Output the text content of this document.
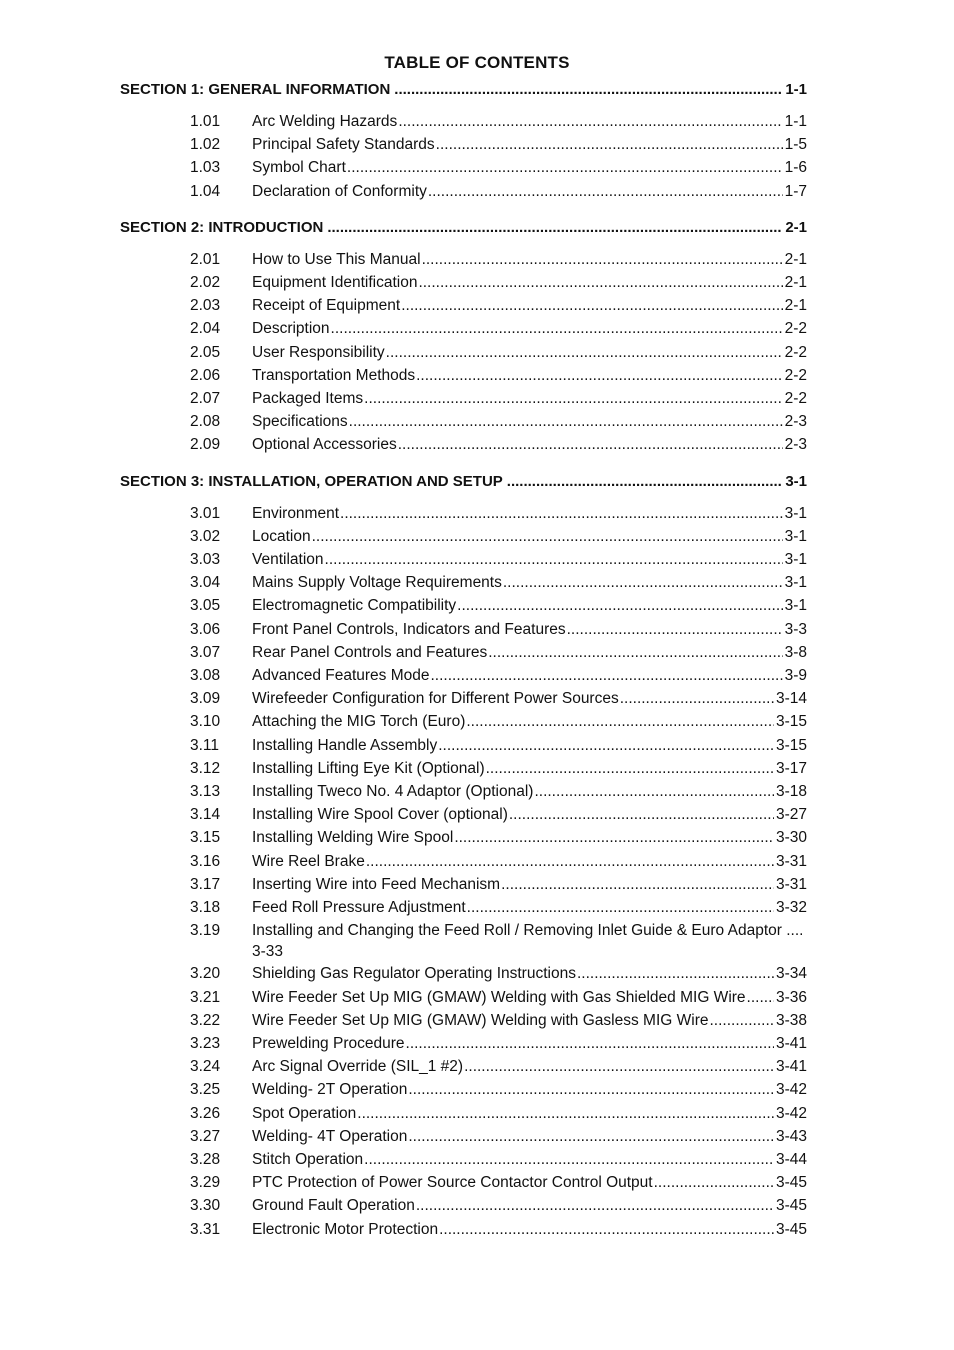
TABLE OF CONTENTS
SECTION 1: GENERAL INFORMATION .....	1-1
1.01	Arc Welding Hazards .....	1-1
1.02	Principal Safety Standards .....	1-5
1.03	Symbol Chart .....	1-6
1.04	Declaration of Conformity .....	1-7
SECTION 2: INTRODUCTION .....	2-1
2.01	How to Use This Manual .....	2-1
2.02	Equipment Identification .....	2-1
2.03	Receipt of Equipment .....	2-1
2.04	Description .....	2-2
2.05	User Responsibility .....	2-2
2.06	Transportation Methods .....	2-2
2.07	Packaged Items .....	2-2
2.08	Specifications .....	2-3
2.09	Optional Accessories .....	2-3
SECTION 3: INSTALLATION, OPERATION AND SETUP .....	3-1
3.01	Environment .....	3-1
3.02	Location .....	3-1
3.03	Ventilation .....	3-1
3.04	Mains Supply Voltage Requirements .....	3-1
3.05	Electromagnetic Compatibility .....	3-1
3.06	Front Panel Controls, Indicators and Features .....	3-3
3.07	Rear Panel Controls and Features .....	3-8
3.08	Advanced Features Mode .....	3-9
3.09	Wirefeeder Configuration for Different Power Sources .....	3-14
3.10	Attaching the MIG Torch (Euro) .....	3-15
3.11	Installing Handle Assembly .....	3-15
3.12	Installing Lifting Eye Kit (Optional) .....	3-17
3.13	Installing Tweco No. 4 Adaptor (Optional) .....	3-18
3.14	Installing Wire Spool Cover (optional) .....	3-27
3.15	Installing Welding Wire Spool .....	3-30
3.16	Wire Reel Brake .....	3-31
3.17	Inserting Wire into Feed Mechanism .....	3-31
3.18	Feed Roll Pressure Adjustment .....	3-32
3.19	Installing and Changing the Feed Roll / Removing Inlet Guide & Euro Adaptor .... 3-33
3.20	Shielding Gas Regulator Operating Instructions .....	3-34
3.21	Wire Feeder Set Up MIG (GMAW) Welding with Gas Shielded MIG Wire ..... 3-36
3.22	Wire Feeder Set Up MIG (GMAW) Welding with Gasless MIG Wire .....	3-38
3.23	Prewelding Procedure .....	3-41
3.24	Arc Signal Override (SIL_1 #2) .....	3-41
3.25	Welding- 2T Operation .....	3-42
3.26	Spot Operation .....	3-42
3.27	Welding- 4T Operation .....	3-43
3.28	Stitch Operation .....	3-44
3.29	PTC Protection of Power Source Contactor Control Output .....	3-45
3.30	Ground Fault Operation .....	3-45
3.31	Electronic Motor Protection .....	3-45
